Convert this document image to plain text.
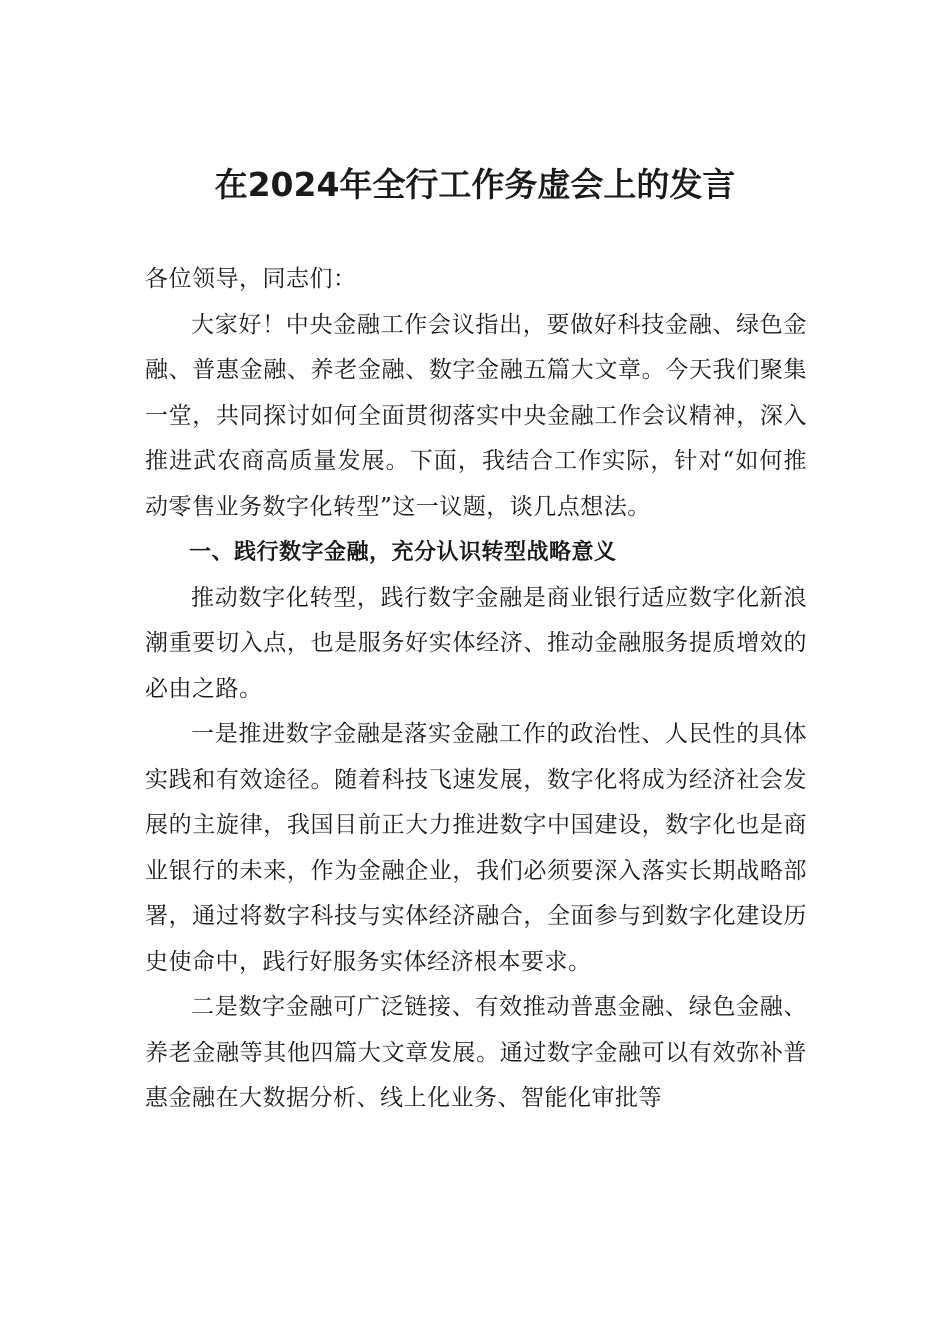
在2024年全行工作务虚会上的发言

各位领导，同志们：

大家好！中央金融工作会议指出，要做好科技金融、绿色金融、普惠金融、养老金融、数字金融五篇大文章。今天我们聚集一堂，共同探讨如何全面贯彻落实中央金融工作会议精神，深入推进武农商高质量发展。下面，我结合工作实际，针对“如何推动零售业务数字化转型”这一议题，谈几点想法。

一、践行数字金融，充分认识转型战略意义

推动数字化转型，践行数字金融是商业银行适应数字化新浪潮重要切入点，也是服务好实体经济、推动金融服务提质增效的必由之路。

一是推进数字金融是落实金融工作的政治性、人民性的具体实践和有效途径。随着科技飞速发展，数字化将成为经济社会发展的主旋律，我国目前正大力推进数字中国建设，数字化也是商业银行的未来，作为金融企业，我们必须要深入落实长期战略部署，通过将数字科技与实体经济融合，全面参与到数字化建设历史使命中，践行好服务实体经济根本要求。

二是数字金融可广泛链接、有效推动普惠金融、绿色金融、养老金融等其他四篇大文章发展。通过数字金融可以有效弥补普惠金融在大数据分析、线上化业务、智能化审批等
